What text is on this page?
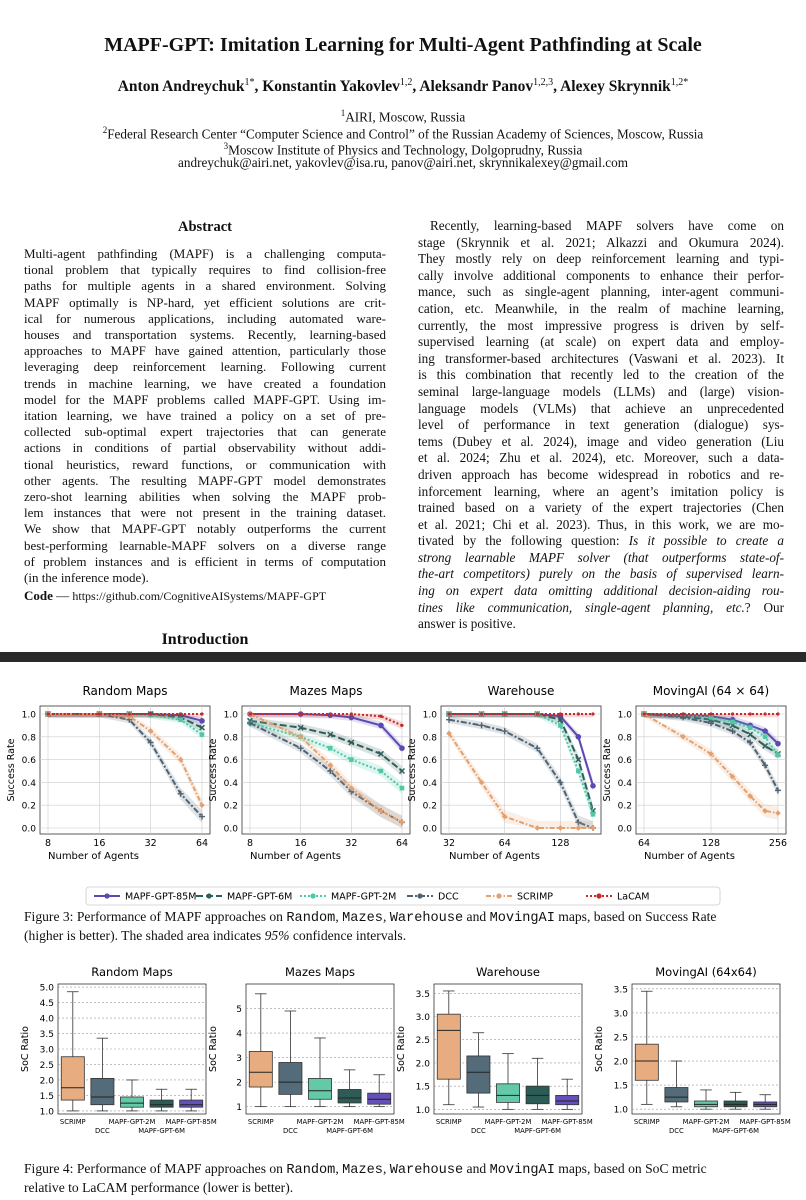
MAPF-GPT: Imitation Learning for Multi-Agent Pathfinding at Scale
Anton Andreychuk$^{1*}$, Konstantin Yakovlev$^{1,2}$, Aleksandr Panov$^{1,2,3}$, Alexey Skrynnik$^{1,2*}$
$^1$AIRI, Moscow, Russia
$^2$Federal Research Center “Computer Science and Control” of the Russian Academy of Sciences, Moscow, Russia
$^3$Moscow Institute of Physics and Technology, Dolgoprudny, Russia
andreychuk@airi.net, yakovlev@isa.ru, panov@airi.net, skrynnikalexey@gmail.com
Abstract
Multi-agent pathfinding (MAPF) is a challenging computa-
tional problem that typically requires to find collision-free
paths for multiple agents in a shared environment. Solving
MAPF optimally is NP-hard, yet efficient solutions are crit-
ical for numerous applications, including automated ware-
houses and transportation systems. Recently, learning-based
approaches to MAPF have gained attention, particularly those
leveraging deep reinforcement learning. Following current
trends in machine learning, we have created a foundation
model for the MAPF problems called MAPF-GPT. Using im-
itation learning, we have trained a policy on a set of pre-
collected sub-optimal expert trajectories that can generate
actions in conditions of partial observability without addi-
tional heuristics, reward functions, or communication with
other agents. The resulting MAPF-GPT model demonstrates
zero-shot learning abilities when solving the MAPF prob-
lem instances that were not present in the training dataset.
We show that MAPF-GPT notably outperforms the current
best-performing learnable-MAPF solvers on a diverse range
of problem instances and is efficient in terms of computation
(in the inference mode).
Code — https://github.com/CognitiveAISystems/MAPF-GPT
Introduction
Recently, learning-based MAPF solvers have come on
stage (Skrynnik et al. 2021; Alkazzi and Okumura 2024).
They mostly rely on deep reinforcement learning and typi-
cally involve additional components to enhance their perfor-
mance, such as single-agent planning, inter-agent communi-
cation, etc. Meanwhile, in the realm of machine learning,
currently, the most impressive progress is driven by self-
supervised learning (at scale) on expert data and employ-
ing transformer-based architectures (Vaswani et al. 2023). It
is this combination that recently led to the creation of the
seminal large-language models (LLMs) and (large) vision-
language models (VLMs) that achieve an unprecedented
level of performance in text generation (dialogue) sys-
tems (Dubey et al. 2024), image and video generation (Liu
et al. 2024; Zhu et al. 2024), etc. Moreover, such a data-
driven approach has become widespread in robotics and re-
inforcement learning, where an agent’s imitation policy is
trained based on a variety of the expert trajectories (Chen
et al. 2021; Chi et al. 2023). Thus, in this work, we are mo-
tivated by the following question: Is it possible to create a
strong learnable MAPF solver (that outperforms state-of-
the-art competitors) purely on the basis of supervised learn-
ing on expert data omitting additional decision-aiding rou-
tines like communication, single-agent planning, etc.? Our
answer is positive.
Random Maps
0.0
0.2
0.4
0.6
0.8
1.0
8	16	32	64
Number of Agents
Success Rate
Mazes Maps
0.0
0.2
0.4
0.6
0.8
1.0
8	16	32	64
Number of Agents
Success Rate
Warehouse
0.0
0.2
0.4
0.6
0.8
1.0
32	64	128
Number of Agents
Success Rate
MovingAI (64 × 64)
0.0
0.2
0.4
0.6
0.8
1.0
64	128	256
Number of Agents
Success Rate
MAPF-GPT-85M	MAPF-GPT-6M	MAPF-GPT-2M	DCC	SCRIMP	LaCAM
Figure 3: Performance of MAPF approaches on Random, Mazes, Warehouse and MovingAI maps, based on Success Rate
(higher is better). The shaded area indicates 95% confidence intervals.
Random Maps
1.0
1.5
2.0
2.5
3.0
3.5
4.0
4.5
5.0
SoC Ratio
SCRIMP
DCC
MAPF-GPT-2M
MAPF-GPT-6M
MAPF-GPT-85M
Mazes Maps
1
2
3
4
5
SoC Ratio
SCRIMP
DCC
MAPF-GPT-2M
MAPF-GPT-6M
MAPF-GPT-85M
Warehouse
1.0
1.5
2.0
2.5
3.0
3.5
SoC Ratio
SCRIMP
DCC
MAPF-GPT-2M
MAPF-GPT-6M
MAPF-GPT-85M
MovingAI (64x64)
1.0
1.5
2.0
2.5
3.0
3.5
SoC Ratio
SCRIMP
DCC
MAPF-GPT-2M
MAPF-GPT-6M
MAPF-GPT-85M
Figure 4: Performance of MAPF approaches on Random, Mazes, Warehouse and MovingAI maps, based on SoC metric
relative to LaCAM performance (lower is better).
